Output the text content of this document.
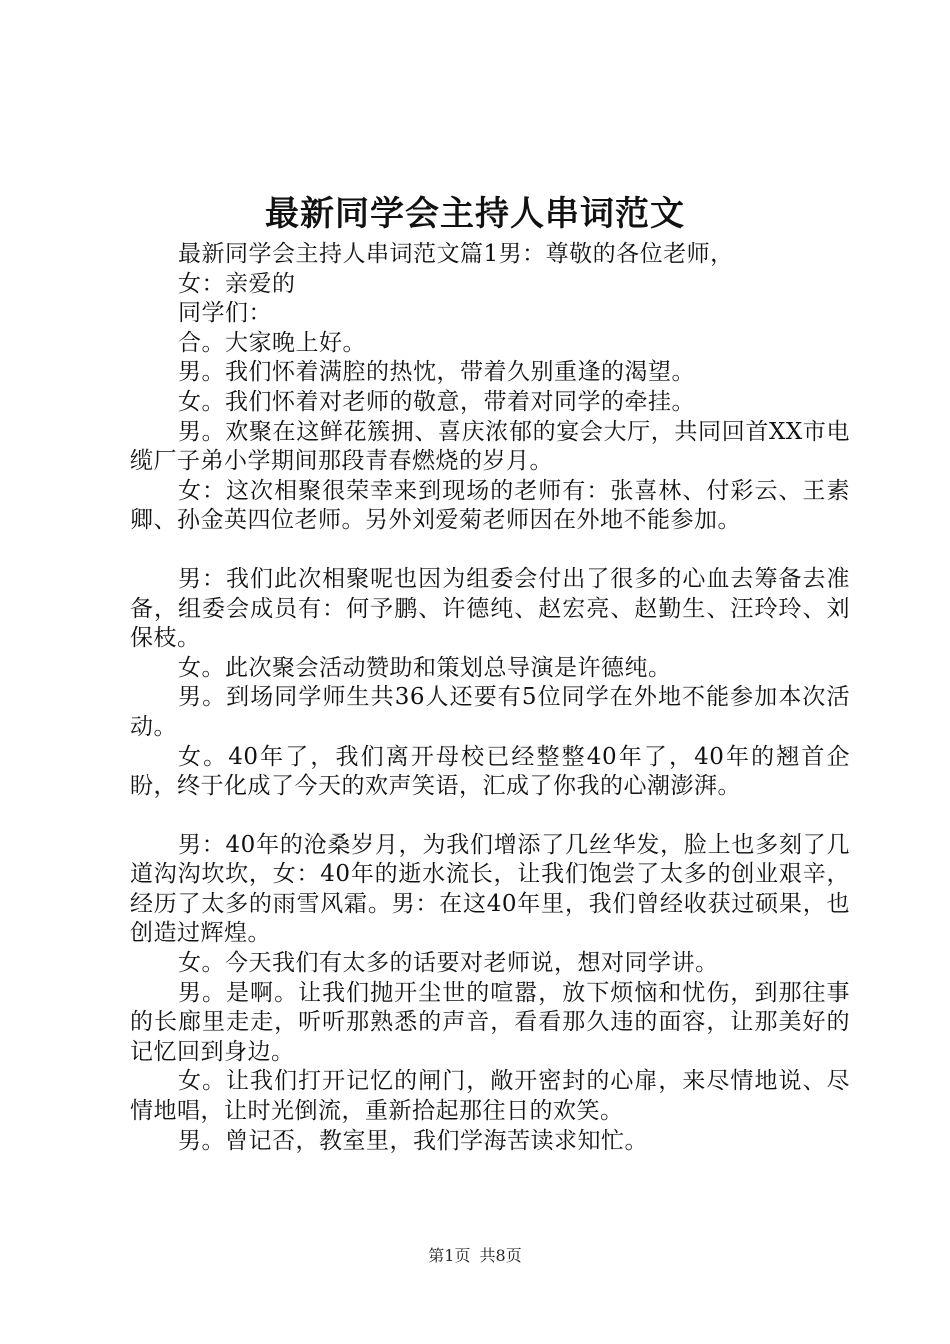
最新同学会主持人串词范文

最新同学会主持人串词范文篇1男：尊敬的各位老师，

女：亲爱的

同学们：

合。大家晚上好。

男。我们怀着满腔的热忱，带着久别重逢的渴望。

女。我们怀着对老师的敬意，带着对同学的牵挂。

男。欢聚在这鲜花簇拥、喜庆浓郁的宴会大厅，共同回首XX市电缆厂子弟小学期间那段青春燃烧的岁月。

女：这次相聚很荣幸来到现场的老师有：张喜林、付彩云、王素卿、孙金英四位老师。另外刘爱菊老师因在外地不能参加。

男：我们此次相聚呢也因为组委会付出了很多的心血去筹备去准备，组委会成员有：何予鹏、许德纯、赵宏亮、赵勤生、汪玲玲、刘保枝。

女。此次聚会活动赞助和策划总导演是许德纯。

男。到场同学师生共36人还要有5位同学在外地不能参加本次活动。

女。40年了，我们离开母校已经整整40年了，40年的翘首企盼，终于化成了今天的欢声笑语，汇成了你我的心潮澎湃。

男：40年的沧桑岁月，为我们增添了几丝华发，脸上也多刻了几道沟沟坎坎，女：40年的逝水流长，让我们饱尝了太多的创业艰辛，经历了太多的雨雪风霜。男：在这40年里，我们曾经收获过硕果，也创造过辉煌。

女。今天我们有太多的话要对老师说，想对同学讲。

男。是啊。让我们抛开尘世的喧嚣，放下烦恼和忧伤，到那往事的长廊里走走，听听那熟悉的声音，看看那久违的面容，让那美好的记忆回到身边。

女。让我们打开记忆的闸门，敞开密封的心扉，来尽情地说、尽情地唱，让时光倒流，重新拾起那往日的欢笑。

男。曾记否，教室里，我们学海苦读求知忙。

第1页 共8页
